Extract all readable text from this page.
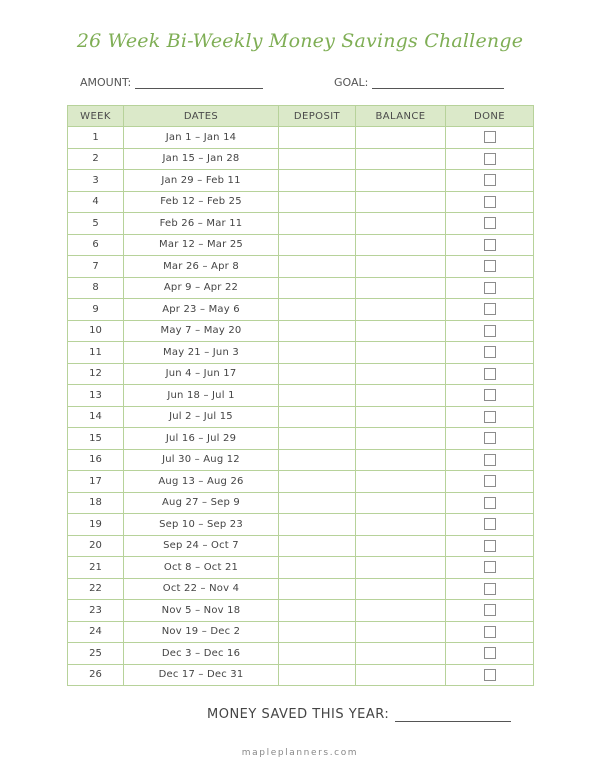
26 Week Bi-Weekly Money Savings Challenge
AMOUNT:	GOAL:
WEEK	DATES	DEPOSIT	BALANCE	DONE
1	Jan 1 – Jan 14			
2	Jan 15 – Jan 28			
3	Jan 29 – Feb 11			
4	Feb 12 – Feb 25			
5	Feb 26 – Mar 11			
6	Mar 12 – Mar 25			
7	Mar 26 – Apr 8			
8	Apr 9 – Apr 22			
9	Apr 23 – May 6			
10	May 7 – May 20			
11	May 21 – Jun 3			
12	Jun 4 – Jun 17			
13	Jun 18 – Jul 1			
14	Jul 2 – Jul 15			
15	Jul 16 – Jul 29			
16	Jul 30 – Aug 12			
17	Aug 13 – Aug 26			
18	Aug 27 – Sep 9			
19	Sep 10 – Sep 23			
20	Sep 24 – Oct 7			
21	Oct 8 – Oct 21			
22	Oct 22 – Nov 4			
23	Nov 5 – Nov 18			
24	Nov 19 – Dec 2			
25	Dec 3 – Dec 16			
26	Dec 17 – Dec 31			
MONEY SAVED THIS YEAR:
mapleplanners.com
